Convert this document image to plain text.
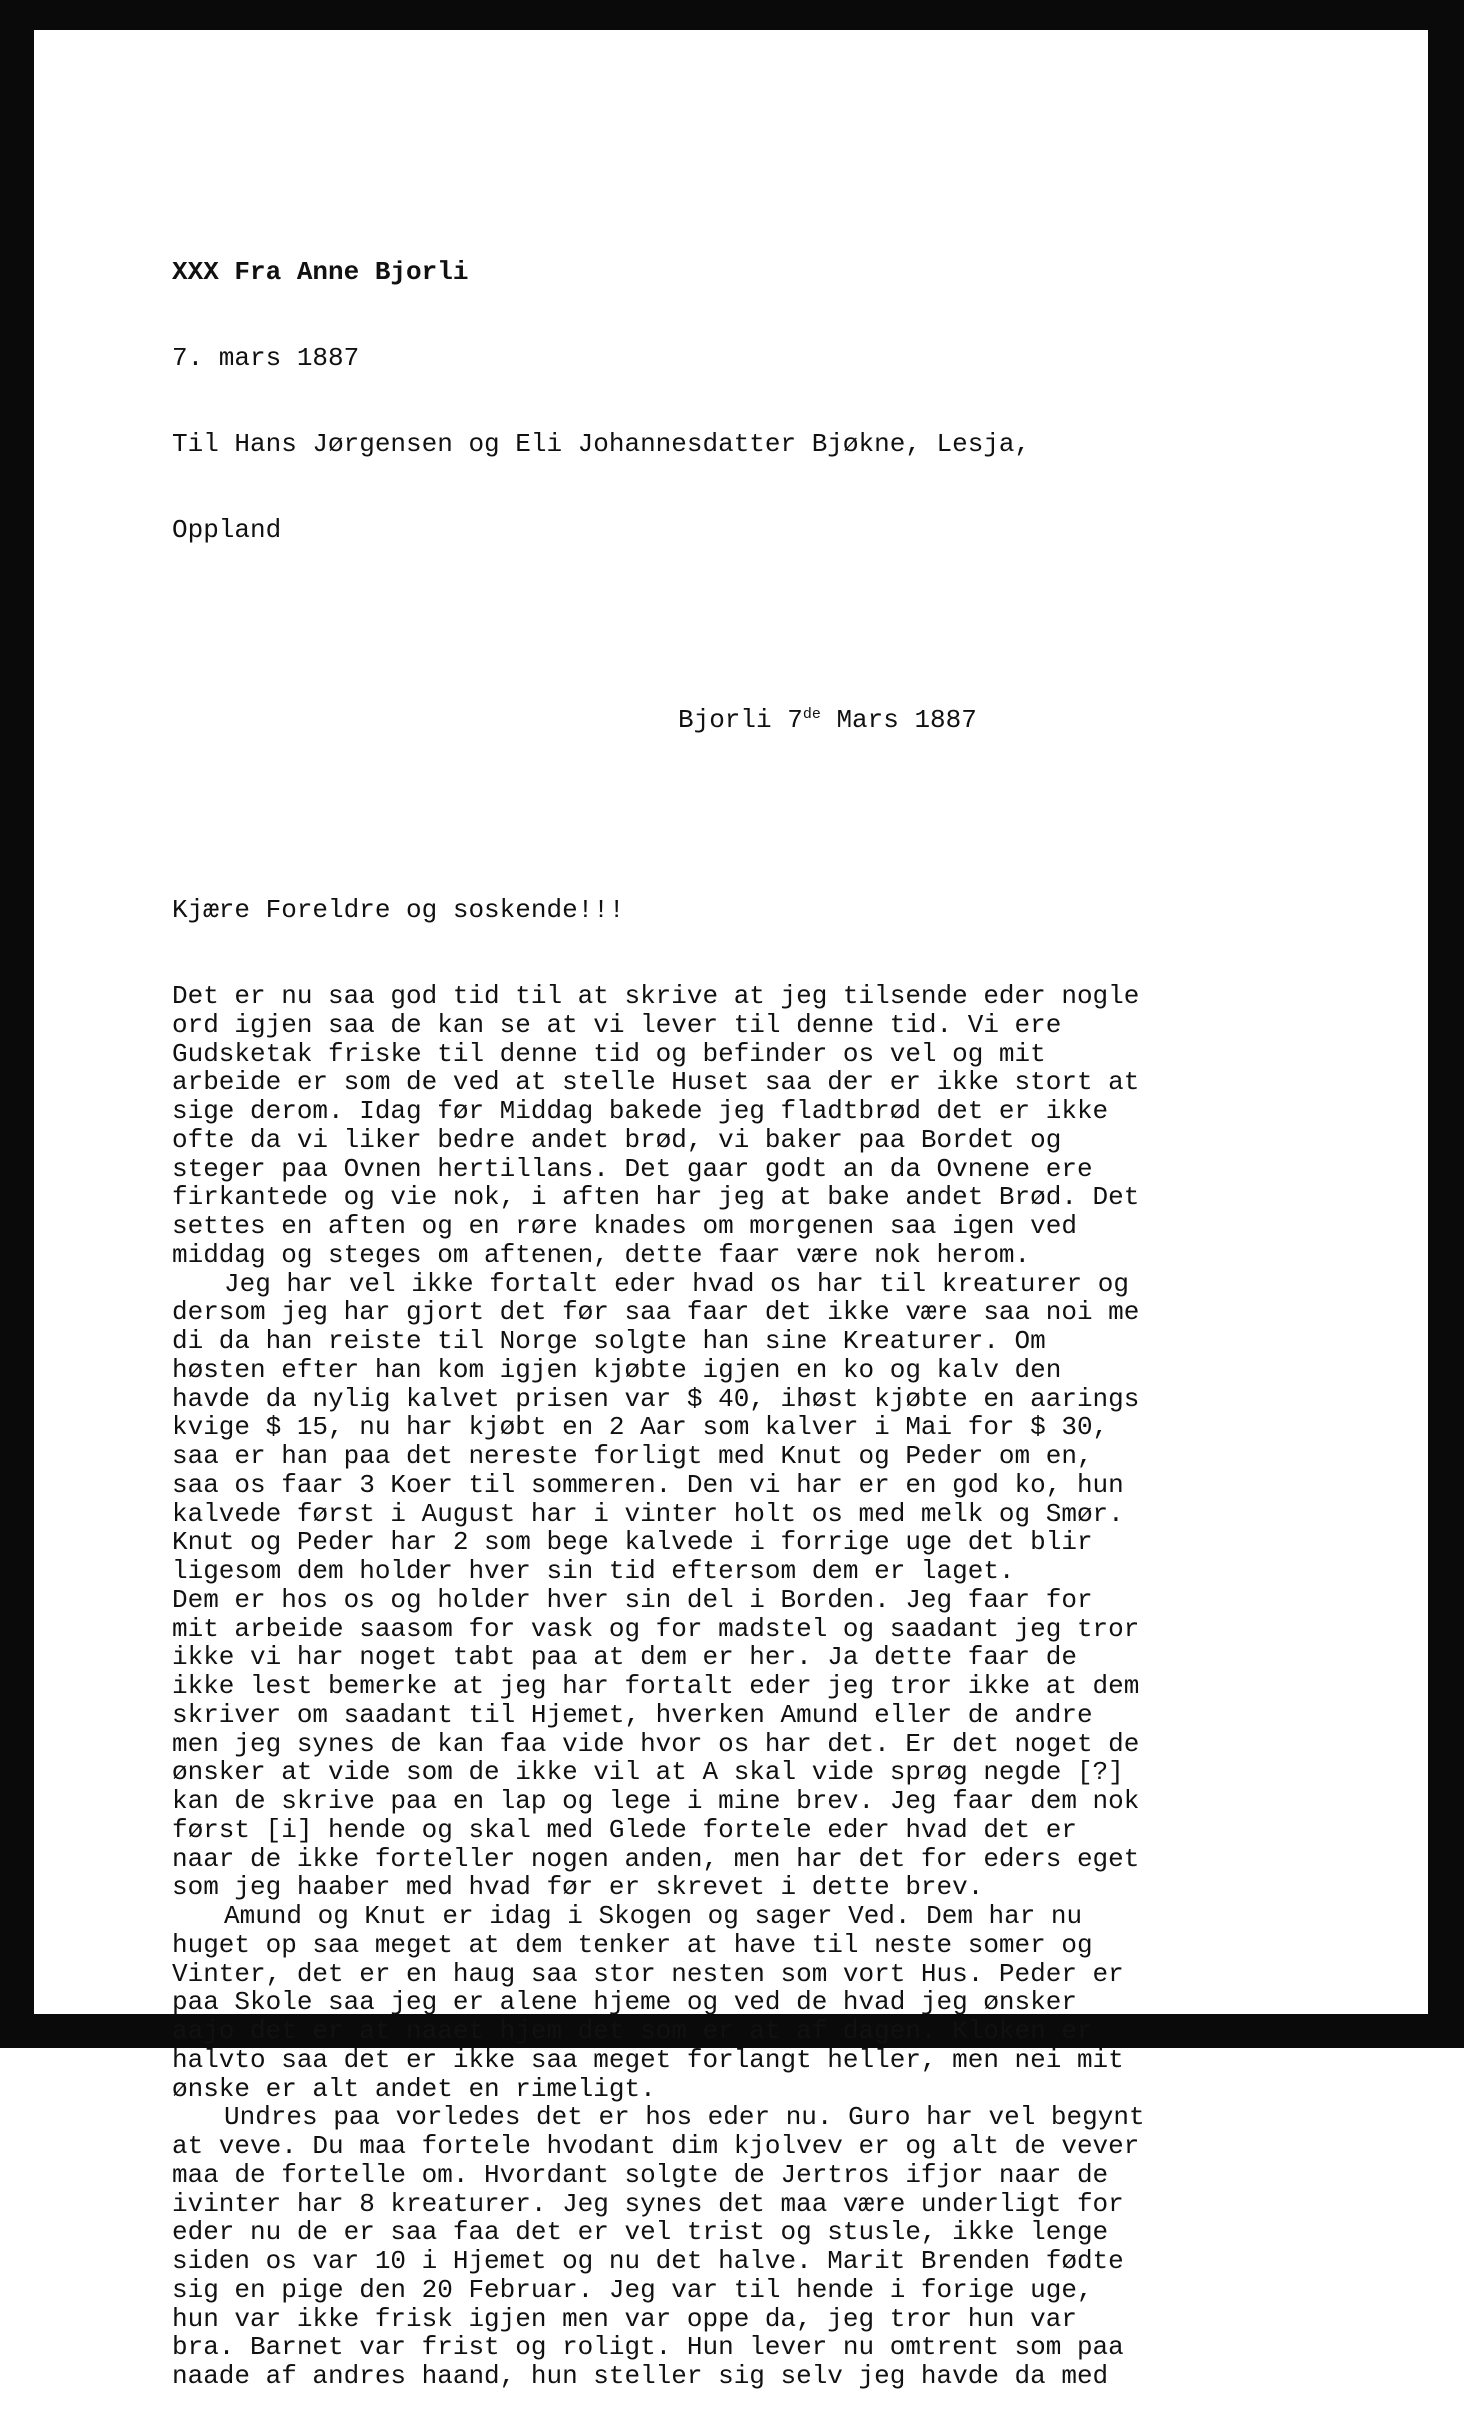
XXX Fra Anne Bjorli

7. mars 1887

Til Hans Jørgensen og Eli Johannesdatter Bjøkne, Lesja,

Oppland

Bjorli 7de Mars 1887

Kjære Foreldre og soskende!!!

Det er nu saa god tid til at skrive at jeg tilsende eder nogle
ord igjen saa de kan se at vi lever til denne tid. Vi ere
Gudsketak friske til denne tid og befinder os vel og mit
arbeide er som de ved at stelle Huset saa der er ikke stort at
sige derom. Idag før Middag bakede jeg fladtbrød det er ikke
ofte da vi liker bedre andet brød, vi baker paa Bordet og
steger paa Ovnen hertillans. Det gaar godt an da Ovnene ere
firkantede og vie nok, i aften har jeg at bake andet Brød. Det
settes en aften og en røre knades om morgenen saa igen ved
middag og steges om aftenen, dette faar være nok herom.
Jeg har vel ikke fortalt eder hvad os har til kreaturer og
dersom jeg har gjort det før saa faar det ikke være saa noi me
di da han reiste til Norge solgte han sine Kreaturer. Om
høsten efter han kom igjen kjøbte igjen en ko og kalv den
havde da nylig kalvet prisen var $ 40, ihøst kjøbte en aarings
kvige $ 15, nu har kjøbt en 2 Aar som kalver i Mai for $ 30,
saa er han paa det nereste forligt med Knut og Peder om en,
saa os faar 3 Koer til sommeren. Den vi har er en god ko, hun
kalvede først i August har i vinter holt os med melk og Smør.
Knut og Peder har 2 som bege kalvede i forrige uge det blir
ligesom dem holder hver sin tid eftersom dem er laget.
Dem er hos os og holder hver sin del i Borden. Jeg faar for
mit arbeide saasom for vask og for madstel og saadant jeg tror
ikke vi har noget tabt paa at dem er her. Ja dette faar de
ikke lest bemerke at jeg har fortalt eder jeg tror ikke at dem
skriver om saadant til Hjemet, hverken Amund eller de andre
men jeg synes de kan faa vide hvor os har det. Er det noget de
ønsker at vide som de ikke vil at A skal vide sprøg negde [?]
kan de skrive paa en lap og lege i mine brev. Jeg faar dem nok
først [i] hende og skal med Glede fortele eder hvad det er
naar de ikke forteller nogen anden, men har det for eders eget
som jeg haaber med hvad før er skrevet i dette brev.
Amund og Knut er idag i Skogen og sager Ved. Dem har nu
huget op saa meget at dem tenker at have til neste somer og
Vinter, det er en haug saa stor nesten som vort Hus. Peder er
paa Skole saa jeg er alene hjeme og ved de hvad jeg ønsker
aajo det er at naaet hjem det som er at af dagen. Kloken er
halvto saa det er ikke saa meget forlangt heller, men nei mit
ønske er alt andet en rimeligt.
Undres paa vorledes det er hos eder nu. Guro har vel begynt
at veve. Du maa fortele hvodant dim kjolvev er og alt de vever
maa de fortelle om. Hvordant solgte de Jertros ifjor naar de
ivinter har 8 kreaturer. Jeg synes det maa være underligt for
eder nu de er saa faa det er vel trist og stusle, ikke lenge
siden os var 10 i Hjemet og nu det halve. Marit Brenden fødte
sig en pige den 20 Februar. Jeg var til hende i forige uge,
hun var ikke frisk igjen men var oppe da, jeg tror hun var
bra. Barnet var frist og roligt. Hun lever nu omtrent som paa
naade af andres haand, hun steller sig selv jeg havde da med
